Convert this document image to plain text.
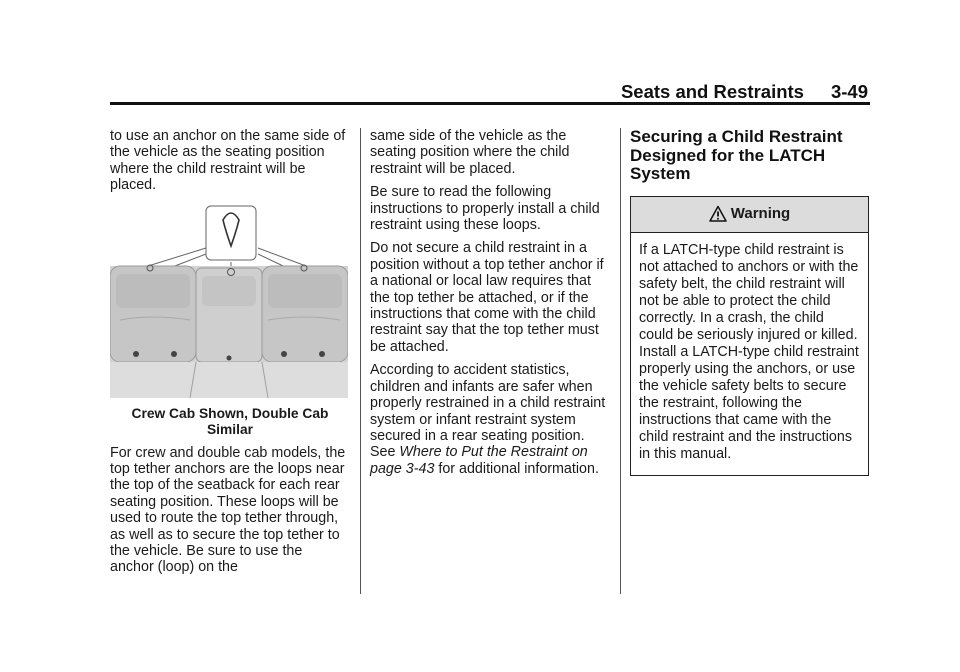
Seats and Restraints 3-49

to use an anchor on the same side of the vehicle as the seating position where the child restraint will be placed.

Crew Cab Shown, Double Cab Similar

For crew and double cab models, the top tether anchors are the loops near the top of the seatback for each rear seating position. These loops will be used to route the top tether through, as well as to secure the top tether to the vehicle. Be sure to use the anchor (loop) on the

same side of the vehicle as the seating position where the child restraint will be placed.

Be sure to read the following instructions to properly install a child restraint using these loops.

Do not secure a child restraint in a position without a top tether anchor if a national or local law requires that the top tether be attached, or if the instructions that come with the child restraint say that the top tether must be attached.

According to accident statistics, children and infants are safer when properly restrained in a child restraint system or infant restraint system secured in a rear seating position. See Where to Put the Restraint on page 3-43 for additional information.

Securing a Child Restraint Designed for the LATCH System
Warning
If a LATCH-type child restraint is not attached to anchors or with the safety belt, the child restraint will not be able to protect the child correctly. In a crash, the child could be seriously injured or killed. Install a LATCH-type child restraint properly using the anchors, or use the vehicle safety belts to secure the restraint, following the instructions that came with the child restraint and the instructions in this manual.
